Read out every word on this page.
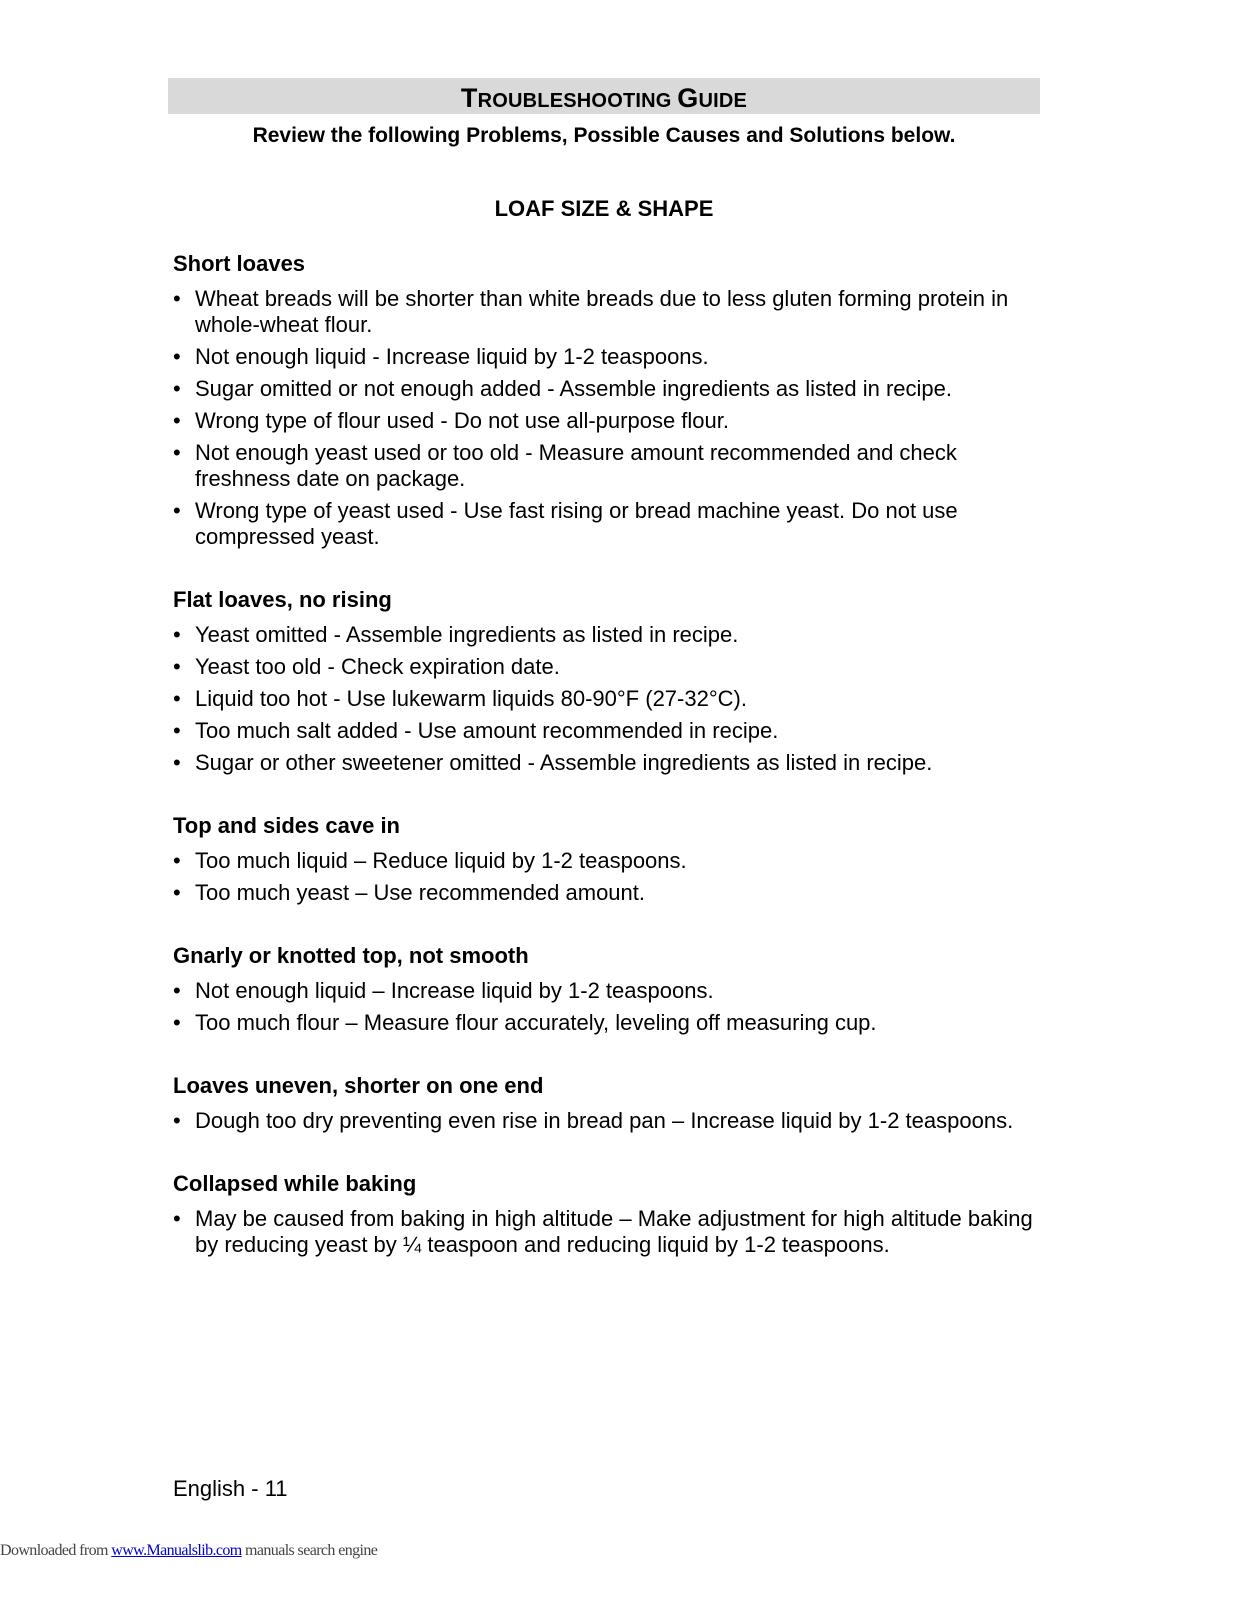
TROUBLESHOOTING GUIDE
Review the following Problems, Possible Causes and Solutions below.
LOAF SIZE & SHAPE
Short loaves
• Wheat breads will be shorter than white breads due to less gluten forming protein in whole-wheat flour.
• Not enough liquid - Increase liquid by 1-2 teaspoons.
• Sugar omitted or not enough added - Assemble ingredients as listed in recipe.
• Wrong type of flour used - Do not use all-purpose flour.
• Not enough yeast used or too old - Measure amount recommended and check freshness date on package.
• Wrong type of yeast used - Use fast rising or bread machine yeast. Do not use compressed yeast.
Flat loaves, no rising
• Yeast omitted - Assemble ingredients as listed in recipe.
• Yeast too old - Check expiration date.
• Liquid too hot - Use lukewarm liquids 80-90°F (27-32°C).
• Too much salt added - Use amount recommended in recipe.
• Sugar or other sweetener omitted - Assemble ingredients as listed in recipe.
Top and sides cave in
• Too much liquid – Reduce liquid by 1-2 teaspoons.
• Too much yeast – Use recommended amount.
Gnarly or knotted top, not smooth
• Not enough liquid – Increase liquid by 1-2 teaspoons.
• Too much flour – Measure flour accurately, leveling off measuring cup.
Loaves uneven, shorter on one end
• Dough too dry preventing even rise in bread pan – Increase liquid by 1-2 teaspoons.
Collapsed while baking
• May be caused from baking in high altitude – Make adjustment for high altitude baking by reducing yeast by ¼ teaspoon and reducing liquid by 1-2 teaspoons.
English - 11
Downloaded from www.Manualslib.com manuals search engine
